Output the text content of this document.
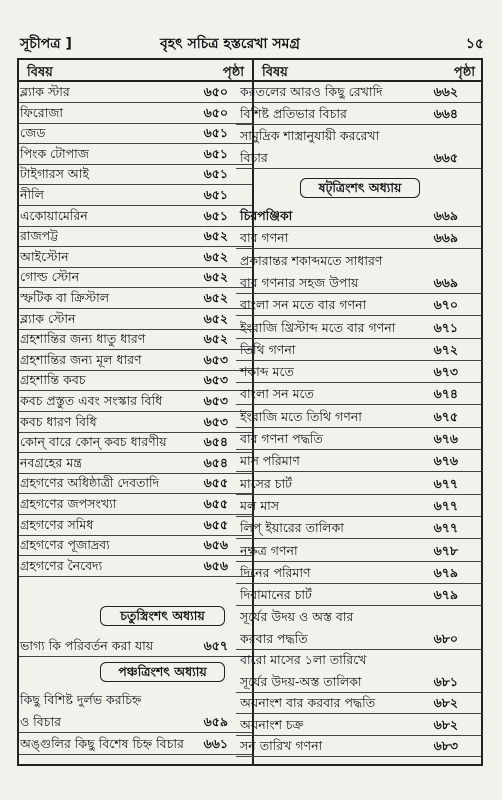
সূচীপত্র ]	বৃহৎ সচিত্র হস্তরেখা সমগ্র	১৫
বিষয়	পৃষ্ঠা বিষয়	পৃষ্ঠা
ব্ল্যাক স্টার	৬৫০
ফিরোজা	৬৫০
জেড	৬৫১
পিংক টোপাজ	৬৫১
টাইগারস আই	৬৫১
নীলি	৬৫১
একোয়ামেরিন	৬৫১
রাজপট্ট	৬৫২
আইস্টোন	৬৫২
গোল্ড স্টোন	৬৫২
স্ফটিক বা ক্রিস্টাল	৬৫২
ব্ল্যাক স্টোন	৬৫২
গ্রহশান্তির জন্য ধাতু ধারণ	৬৫২
গ্রহশান্তির জন্য মূল ধারণ	৬৫৩
গ্রহশান্তি কবচ	৬৫৩
কবচ প্রস্তুত এবং সংস্কার বিধি	৬৫৩
কবচ ধারণ বিধি	৬৫৩
কোন্‌ বারে কোন্‌ কবচ ধারণীয়	৬৫৪
নবগ্রহের মন্ত্র	৬৫৪
গ্রহগণের অধিষ্ঠাত্রী দেবতাদি	৬৫৫
গ্রহগণের জপসংখ্যা	৬৫৫
গ্রহগণের সমিধ	৬৫৫
গ্রহগণের পূজাদ্রব্য	৬৫৬
গ্রহগণের নৈবেদ্য	৬৫৬
চতুস্ত্রিংশৎ অধ্যায়
ভাগ্য কি পরিবর্তন করা যায়	৬৫৭
পঞ্চত্রিংশৎ অধ্যায়
কিছু বিশিষ্ট দুর্লভ করচিহ্ন
ও বিচার	৬৫৯
অঙ্গুলির কিছু বিশেষ চিহ্ন বিচার ৬৬১
করতলের আরও কিছু রেখাদি	৬৬২
বিশিষ্ট প্রতিভার বিচার	৬৬৪
সামুদ্রিক শাস্ত্রানুযায়ী কররেখা
বিচার	৬৬৫
ষট্‌ত্রিংশৎ অধ্যায়
চিরপঞ্জিকা	৬৬৯
বার গণনা	৬৬৯
প্রকারান্তর শকাব্দমতে সাধারণ
বার গণনার সহজ উপায়	৬৬৯
বাংলা সন মতে বার গণনা	৬৭০
ইংরাজি খ্রিস্টাব্দ মতে বার গণনা	৬৭১
তিথি গণনা	৬৭২
শকাব্দ মতে	৬৭৩
বাংলা সন মতে	৬৭৪
ইংরাজি মতে তিথি গণনা	৬৭৫
বার গণনা পদ্ধতি	৬৭৬
মাস পরিমাণ	৬৭৬
মাসের চার্ট	৬৭৭
মল মাস	৬৭৭
লিপ্‌ ইয়ারের তালিকা	৬৭৭
নক্ষত্র গণনা	৬৭৮
দিনের পরিমাণ	৬৭৯
দিবামানের চার্ট	৬৭৯
সূর্যের উদয় ও অস্ত বার
করবার পদ্ধতি	৬৮০
বারো মাসের ১লা তারিখে
সূর্যের উদয়-অস্ত তালিকা	৬৮১
অয়নাংশ বার করবার পদ্ধতি	৬৮২
অয়নাংশ চক্র	৬৮২
সন তারিখ গণনা	৬৮৩
